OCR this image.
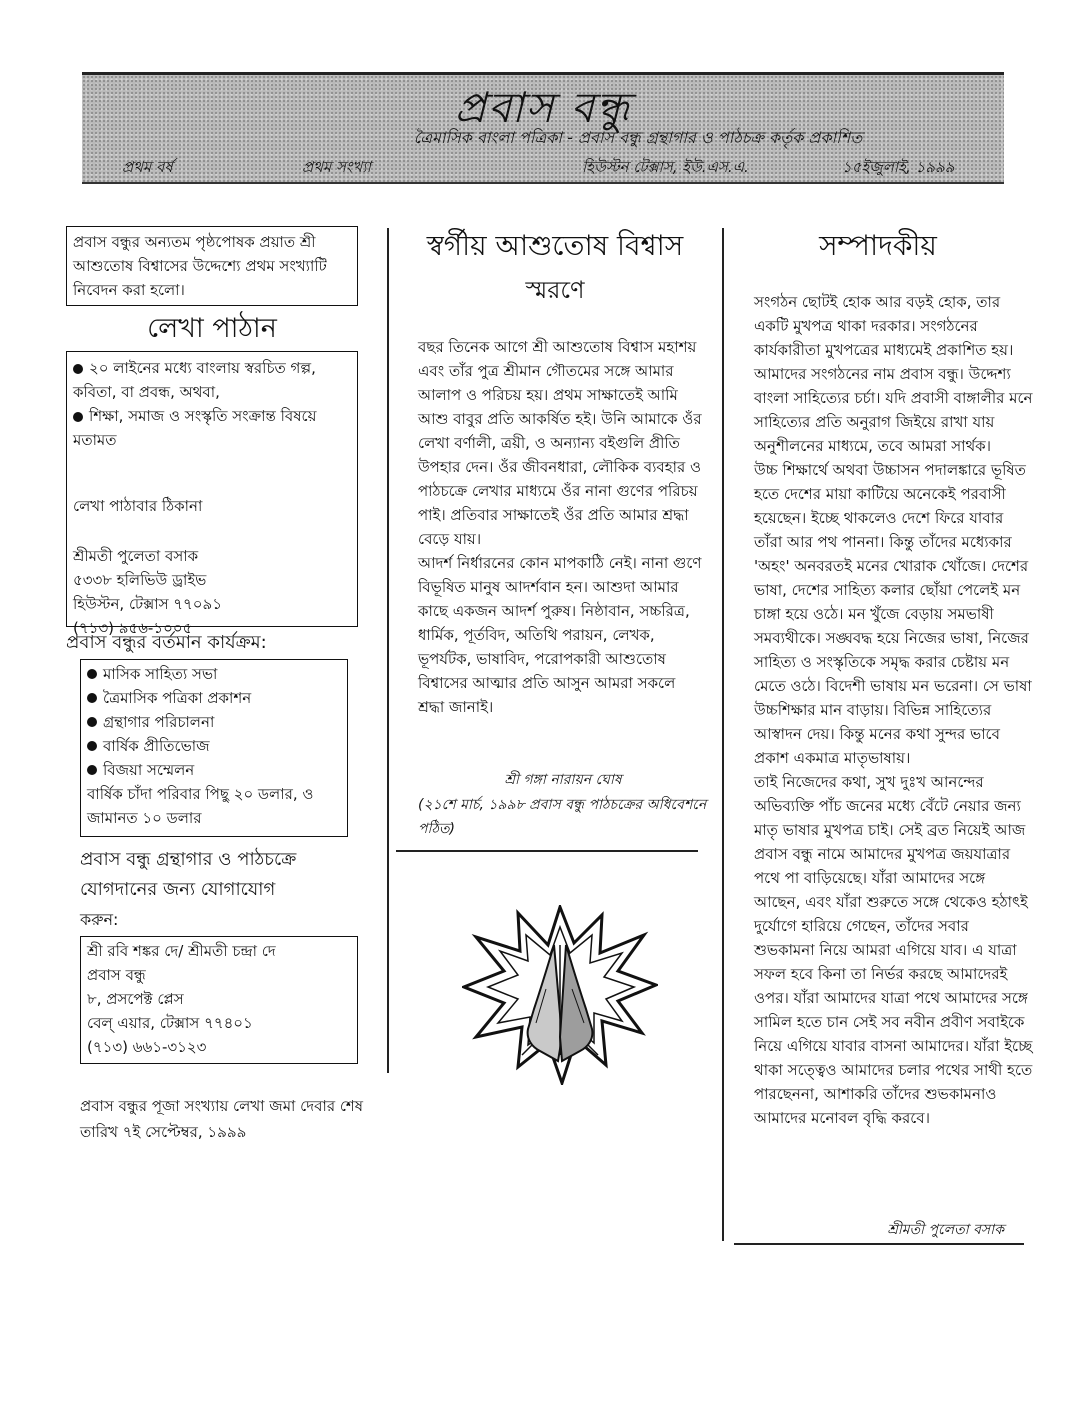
প্রবাস বন্ধু
ত্রৈমাসিক বাংলা পত্রিকা - প্রবাস বন্ধু গ্রন্থাগার ও পাঠচক্র কর্তৃক প্রকাশিত
প্রথম বর্ষ	প্রথম সংখ্যা	হিউস্টন টেক্সাস, ইউ.এস.এ.	১৫ইজুলাই, ১৯৯৯
প্রবাস বন্ধুর অন্যতম পৃষ্ঠপোষক প্রয়াত শ্রী আশুতোষ বিশ্বাসের উদ্দেশ্যে প্রথম সংখ্যাটি নিবেদন করা হলো।
লেখা পাঠান

২০ লাইনের মধ্যে বাংলায় স্বরচিত গল্প, কবিতা, বা প্রবন্ধ, অথবা,

শিক্ষা, সমাজ ও সংস্কৃতি সংক্রান্ত বিষয়ে মতামত

লেখা পাঠাবার ঠিকানা

শ্রীমতী পুলেতা বসাক

৫৩৩৮ হলিভিউ ড্রাইভ

হিউস্টন, টেক্সাস ৭৭০৯১

(৭১৩) ৯৫৬-১০০৫

প্রবাস বন্ধুর বর্তমান কার্যক্রম:
মাসিক সাহিত্য সভা
ত্রৈমাসিক পত্রিকা প্রকাশন
গ্রন্থাগার পরিচালনা
বার্ষিক প্রীতিভোজ
বিজয়া সম্মেলন

বার্ষিক চাঁদা পরিবার পিছু ২০ ডলার, ও

জামানত ১০ ডলার

প্রবাস বন্ধু গ্রন্থাগার ও পাঠচক্রে

যোগদানের জন্য যোগাযোগ

করুন:

শ্রী রবি শঙ্কর দে/ শ্রীমতী চন্দ্রা দে

প্রবাস বন্ধু

৮, প্রসপেক্ট প্লেস

বেল্ এয়ার, টেক্সাস ৭৭৪০১

(৭১৩) ৬৬১-৩১২৩

প্রবাস বন্ধুর পূজা সংখ্যায় লেখা জমা দেবার শেষ তারিখ ৭ই সেপ্টেম্বর, ১৯৯৯
স্বর্গীয় আশুতোষ বিশ্বাস
স্মরণে

বছর তিনেক আগে শ্রী আশুতোষ বিশ্বাস মহাশয় এবং তাঁর পুত্র শ্রীমান গৌতমের সঙ্গে আমার আলাপ ও পরিচয় হয়। প্রথম সাক্ষাতেই আমি আশু বাবুর প্রতি আকর্ষিত হই। উনি আমাকে ওঁর লেখা বর্ণালী, ত্রয়ী, ও অন্যান্য বইগুলি প্রীতি উপহার দেন। ওঁর জীবনধারা, লৌকিক ব্যবহার ও পাঠচক্রে লেখার মাধ্যমে ওঁর নানা গুণের পরিচয় পাই। প্রতিবার সাক্ষাতেই ওঁর প্রতি আমার শ্রদ্ধা বেড়ে যায়।

আদর্শ নির্ধারনের কোন মাপকাঠি নেই। নানা গুণে বিভূষিত মানুষ আদর্শবান হন। আশুদা আমার কাছে একজন আদর্শ পুরুষ। নিষ্ঠাবান, সচ্চরিত্র, ধার্মিক, পূর্তবিদ, অতিথি পরায়ন, লেখক, ভূপর্যটক, ভাষাবিদ, পরোপকারী আশুতোষ বিশ্বাসের আত্মার প্রতি আসুন আমরা সকলে শ্রদ্ধা জানাই।

শ্রী গঙ্গা নারায়ন ঘোষ
(২১শে মার্চ, ১৯৯৮ প্রবাস বন্ধু পাঠচক্রের অধিবেশনে পঠিত)
সম্পাদকীয়

সংগঠন ছোটই হোক আর বড়ই হোক, তার একটি মুখপত্র থাকা দরকার। সংগঠনের কার্যকারীতা মুখপত্রের মাধ্যমেই প্রকাশিত হয়। আমাদের সংগঠনের নাম প্রবাস বন্ধু। উদ্দেশ্য বাংলা সাহিত্যের চর্চা। যদি প্রবাসী বাঙ্গালীর মনে সাহিত্যের প্রতি অনুরাগ জিইয়ে রাখা যায় অনুশীলনের মাধ্যমে, তবে আমরা সার্থক।

উচ্চ শিক্ষার্থে অথবা উচ্চাসন পদালঙ্কারে ভূষিত হতে দেশের মায়া কাটিয়ে অনেকেই পরবাসী হয়েছেন। ইচ্ছে থাকলেও দেশে ফিরে যাবার তাঁরা আর পথ পাননা। কিন্তু তাঁদের মধ্যেকার 'অহং' অনবরতই মনের খোরাক খোঁজে। দেশের ভাষা, দেশের সাহিত্য কলার ছোঁয়া পেলেই মন চাঙ্গা হয়ে ওঠে। মন খুঁজে বেড়ায় সমভাষী সমব্যথীকে। সঙ্ঘবদ্ধ হয়ে নিজের ভাষা, নিজের সাহিত্য ও সংস্কৃতিকে সমৃদ্ধ করার চেষ্টায় মন মেতে ওঠে। বিদেশী ভাষায় মন ভরেনা। সে ভাষা উচ্চশিক্ষার মান বাড়ায়। বিভিন্ন সাহিত্যের আস্বাদন দেয়। কিন্তু মনের কথা সুন্দর ভাবে প্রকাশ একমাত্র মাতৃভাষায়।

তাই নিজেদের কথা, সুখ দুঃখ আনন্দের অভিব্যক্তি পাঁচ জনের মধ্যে বেঁটে নেয়ার জন্য মাতৃ ভাষার মুখপত্র চাই। সেই ব্রত নিয়েই আজ প্রবাস বন্ধু নামে আমাদের মুখপত্র জয়যাত্রার পথে পা বাড়িয়েছে। যাঁরা আমাদের সঙ্গে আছেন, এবং যাঁরা শুরুতে সঙ্গে থেকেও হঠাৎই দুর্যোগে হারিয়ে গেছেন, তাঁদের সবার শুভকামনা নিয়ে আমরা এগিয়ে যাব। এ যাত্রা সফল হবে কিনা তা নির্ভর করছে আমাদেরই ওপর। যাঁরা আমাদের যাত্রা পথে আমাদের সঙ্গে সামিল হতে চান সেই সব নবীন প্রবীণ সবাইকে নিয়ে এগিয়ে যাবার বাসনা আমাদের। যাঁরা ইচ্ছে থাকা সত্ত্বেও আমাদের চলার পথের সাথী হতে পারছেননা, আশাকরি তাঁদের শুভকামনাও আমাদের মনোবল বৃদ্ধি করবে।

শ্রীমতী পুলেতা বসাক
